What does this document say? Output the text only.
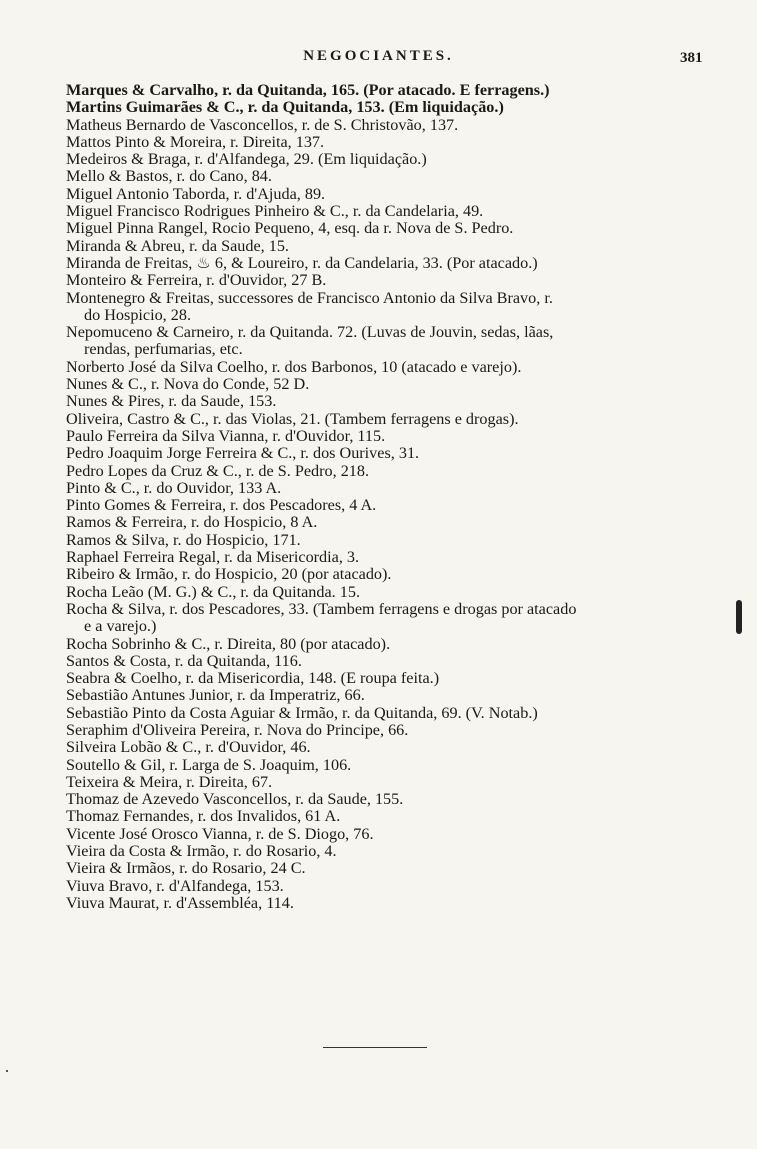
NEGOCIANTES.	381
Marques & Carvalho, r. da Quitanda, 165. (Por atacado. E ferragens.)
Martins Guimarães & C., r. da Quitanda, 153. (Em liquidação.)
Matheus Bernardo de Vasconcellos, r. de S. Christovão, 137.
Mattos Pinto & Moreira, r. Direita, 137.
Medeiros & Braga, r. d'Alfandega, 29. (Em liquidação.)
Mello & Bastos, r. do Cano, 84.
Miguel Antonio Taborda, r. d'Ajuda, 89.
Miguel Francisco Rodrigues Pinheiro & C., r. da Candelaria, 49.
Miguel Pinna Rangel, Rocio Pequeno, 4, esq. da r. Nova de S. Pedro.
Miranda & Abreu, r. da Saude, 15.
Miranda de Freitas, ♨ 6, & Loureiro, r. da Candelaria, 33. (Por atacado.)
Monteiro & Ferreira, r. d'Ouvidor, 27 B.
Montenegro & Freitas, successores de Francisco Antonio da Silva Bravo, r.
do Hospicio, 28.
Nepomuceno & Carneiro, r. da Quitanda. 72. (Luvas de Jouvin, sedas, lãas,
rendas, perfumarias, etc.
Norberto José da Silva Coelho, r. dos Barbonos, 10 (atacado e varejo).
Nunes & C., r. Nova do Conde, 52 D.
Nunes & Pires, r. da Saude, 153.
Oliveira, Castro & C., r. das Violas, 21. (Tambem ferragens e drogas).
Paulo Ferreira da Silva Vianna, r. d'Ouvidor, 115.
Pedro Joaquim Jorge Ferreira & C., r. dos Ourives, 31.
Pedro Lopes da Cruz & C., r. de S. Pedro, 218.
Pinto & C., r. do Ouvidor, 133 A.
Pinto Gomes & Ferreira, r. dos Pescadores, 4 A.
Ramos & Ferreira, r. do Hospicio, 8 A.
Ramos & Silva, r. do Hospicio, 171.
Raphael Ferreira Regal, r. da Misericordia, 3.
Ribeiro & Irmão, r. do Hospicio, 20 (por atacado).
Rocha Leão (M. G.) & C., r. da Quitanda. 15.
Rocha & Silva, r. dos Pescadores, 33. (Tambem ferragens e drogas por atacado
e a varejo.)
Rocha Sobrinho & C., r. Direita, 80 (por atacado).
Santos & Costa, r. da Quitanda, 116.
Seabra & Coelho, r. da Misericordia, 148. (E roupa feita.)
Sebastião Antunes Junior, r. da Imperatriz, 66.
Sebastião Pinto da Costa Aguiar & Irmão, r. da Quitanda, 69. (V. Notab.)
Seraphim d'Oliveira Pereira, r. Nova do Principe, 66.
Silveira Lobão & C., r. d'Ouvidor, 46.
Soutello & Gil, r. Larga de S. Joaquim, 106.
Teixeira & Meira, r. Direita, 67.
Thomaz de Azevedo Vasconcellos, r. da Saude, 155.
Thomaz Fernandes, r. dos Invalidos, 61 A.
Vicente José Orosco Vianna, r. de S. Diogo, 76.
Vieira da Costa & Irmão, r. do Rosario, 4.
Vieira & Irmãos, r. do Rosario, 24 C.
Viuva Bravo, r. d'Alfandega, 153.
Viuva Maurat, r. d'Assembléa, 114.
